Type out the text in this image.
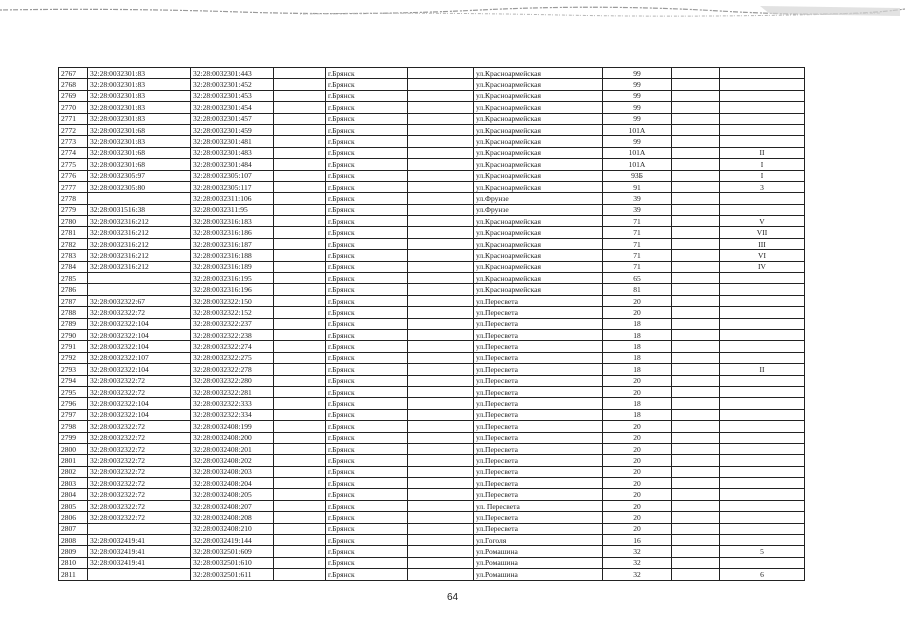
2767	32:28:0032301:83	32:28:0032301:443		г.Брянск		ул.Красноармейская	99		
2768	32:28:0032301:83	32:28:0032301:452		г.Брянск		ул.Красноармейская	99		
2769	32:28:0032301:83	32:28:0032301:453		г.Брянск		ул.Красноармейская	99		
2770	32:28:0032301:83	32:28:0032301:454		г.Брянск		ул.Красноармейская	99		
2771	32:28:0032301:83	32:28:0032301:457		г.Брянск		ул.Красноармейская	99		
2772	32:28:0032301:68	32:28:0032301:459		г.Брянск		ул.Красноармейская	101А		
2773	32:28:0032301:83	32:28:0032301:481		г.Брянск		ул.Красноармейская	99		
2774	32:28:0032301:68	32:28:0032301:483		г.Брянск		ул.Красноармейская	101А		II
2775	32:28:0032301:68	32:28:0032301:484		г.Брянск		ул.Красноармейская	101А		I
2776	32:28:0032305:97	32:28:0032305:107		г.Брянск		ул.Красноармейская	93Б		I
2777	32:28:0032305:80	32:28:0032305:117		г.Брянск		ул.Красноармейская	91		3
2778		32:28:0032311:106		г.Брянск		ул.Фрунзе	39		
2779	32:28:0031516:38	32:28:0032311:95		г.Брянск		ул.Фрунзе	39		
2780	32:28:0032316:212	32:28:0032316:183		г.Брянск		ул.Красноармейская	71		V
2781	32:28:0032316:212	32:28:0032316:186		г.Брянск		ул.Красноармейская	71		VII
2782	32:28:0032316:212	32:28:0032316:187		г.Брянск		ул.Красноармейская	71		III
2783	32:28:0032316:212	32:28:0032316:188		г.Брянск		ул.Красноармейская	71		VI
2784	32:28:0032316:212	32:28:0032316:189		г.Брянск		ул.Красноармейская	71		IV
2785		32:28:0032316:195		г.Брянск		ул.Красноармейская	65		
2786		32:28:0032316:196		г.Брянск		ул.Красноармейская	81		
2787	32:28:0032322:67	32:28:0032322:150		г.Брянск		ул.Пересвета	20		
2788	32:28:0032322:72	32:28:0032322:152		г.Брянск		ул.Пересвета	20		
2789	32:28:0032322:104	32:28:0032322:237		г.Брянск		ул.Пересвета	18		
2790	32:28:0032322:104	32:28:0032322:238		г.Брянск		ул.Пересвета	18		
2791	32:28:0032322:104	32:28:0032322:274		г.Брянск		ул.Пересвета	18		
2792	32:28:0032322:107	32:28:0032322:275		г.Брянск		ул.Пересвета	18		
2793	32:28:0032322:104	32:28:0032322:278		г.Брянск		ул.Пересвета	18		II
2794	32:28:0032322:72	32:28:0032322:280		г.Брянск		ул.Пересвета	20		
2795	32:28:0032322:72	32:28:0032322:281		г.Брянск		ул.Пересвета	20		
2796	32:28:0032322:104	32:28:0032322:333		г.Брянск		ул.Пересвета	18		
2797	32:28:0032322:104	32:28:0032322:334		г.Брянск		ул.Пересвета	18		
2798	32:28:0032322:72	32:28:0032408:199		г.Брянск		ул.Пересвета	20		
2799	32:28:0032322:72	32:28:0032408:200		г.Брянск		ул.Пересвета	20		
2800	32:28:0032322:72	32:28:0032408:201		г.Брянск		ул.Пересвета	20		
2801	32:28:0032322:72	32:28:0032408:202		г.Брянск		ул.Пересвета	20		
2802	32:28:0032322:72	32:28:0032408:203		г.Брянск		ул.Пересвета	20		
2803	32:28:0032322:72	32:28:0032408:204		г.Брянск		ул.Пересвета	20		
2804	32:28:0032322:72	32:28:0032408:205		г.Брянск		ул.Пересвета	20		
2805	32:28:0032322:72	32:28:0032408:207		г.Брянск		ул. Пересвета	20		
2806	32:28:0032322:72	32:28:0032408:208		г.Брянск		ул.Пересвета	20		
2807		32:28:0032408:210		г.Брянск		ул.Пересвета	20		
2808	32:28:0032419:41	32:28:0032419:144		г.Брянск		ул.Гоголя	16		
2809	32:28:0032419:41	32:28:0032501:609		г.Брянск		ул.Ромашина	32		5
2810	32:28:0032419:41	32:28:0032501:610		г.Брянск		ул.Ромашина	32		
2811		32:28:0032501:611		г.Брянск		ул.Ромашина	32		6
64
